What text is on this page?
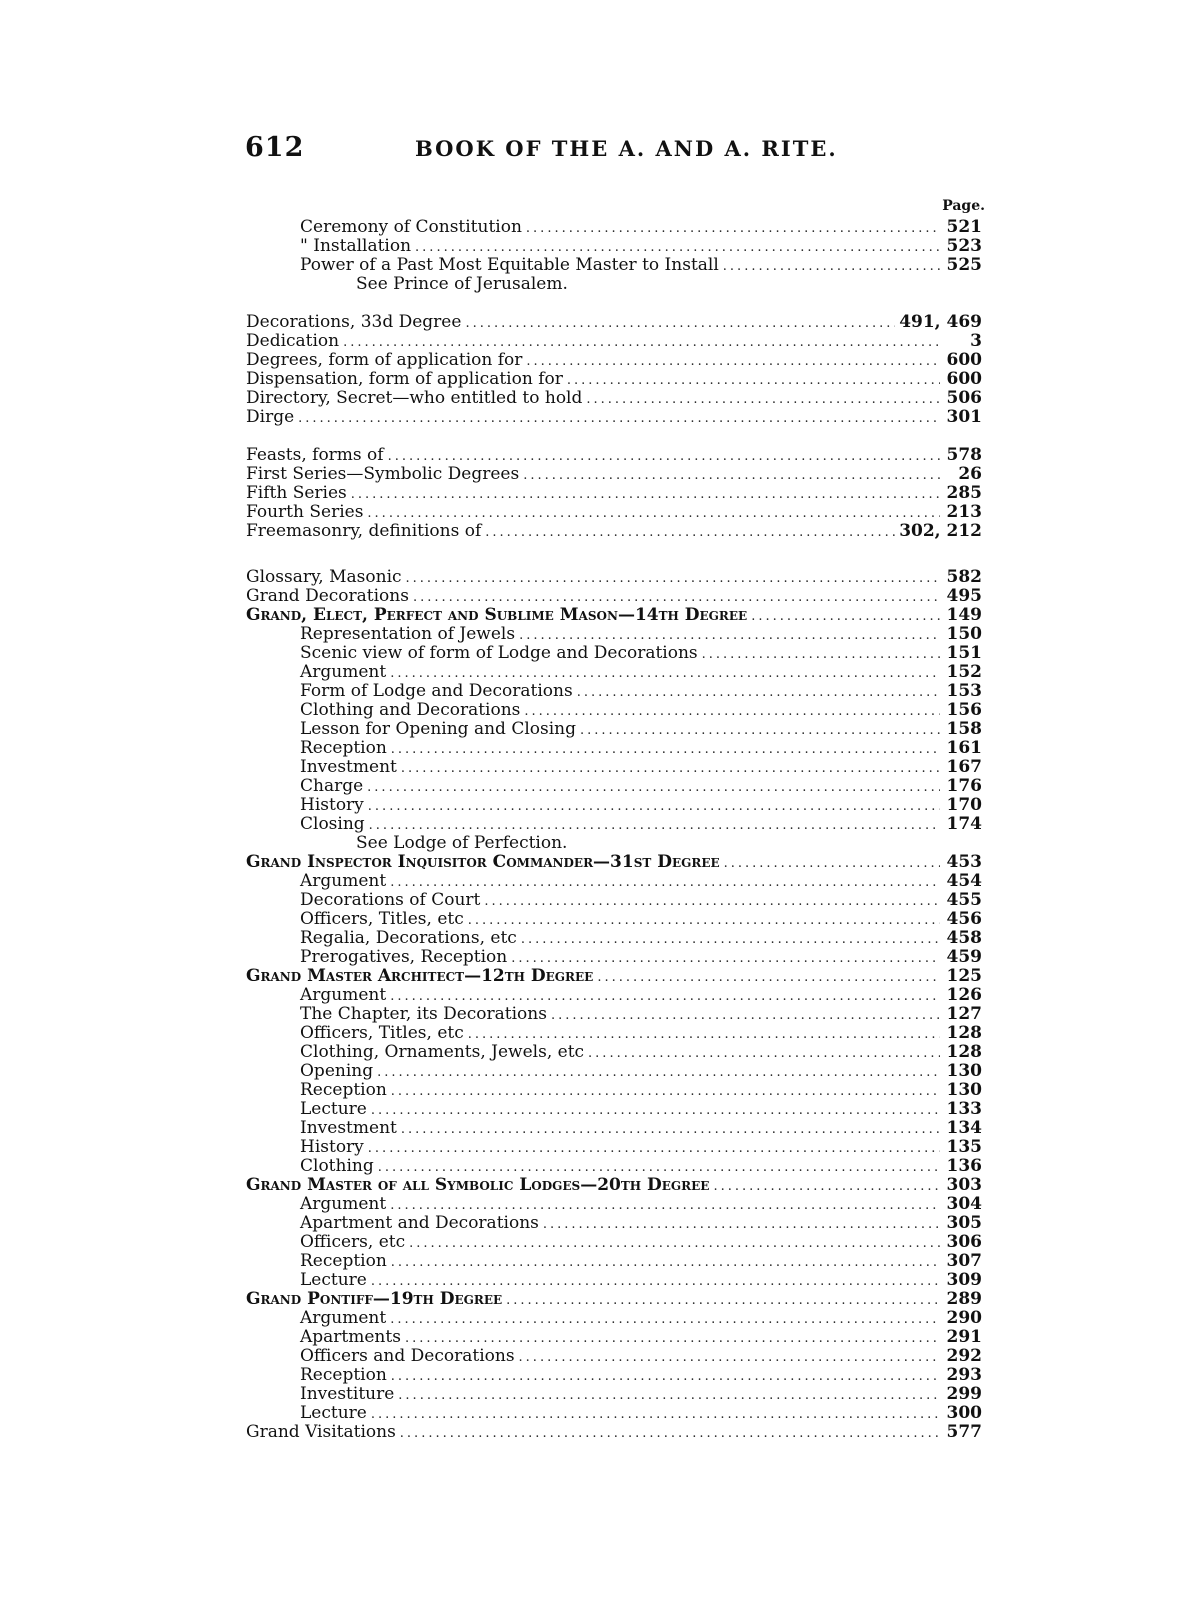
612	BOOK OF THE A. AND A. RITE.
Page.
Ceremony of Constitution .....	521
" Installation .....	523
Power of a Past Most Equitable Master to Install .....	525
See Prince of Jerusalem.
Decorations, 33d Degree .....	491, 469
Dedication .....	3
Degrees, form of application for .....	600
Dispensation, form of application for .....	600
Directory, Secret—who entitled to hold .....	506
Dirge .....	301
Feasts, forms of .....	578
First Series—Symbolic Degrees .....	26
Fifth Series .....	285
Fourth Series .....	213
Freemasonry, definitions of .....	302, 212
Glossary, Masonic .....	582
Grand Decorations .....	495
Grand, Elect, Perfect and Sublime Mason—14th Degree .....	149
Representation of Jewels .....	150
Scenic view of form of Lodge and Decorations .....	151
Argument .....	152
Form of Lodge and Decorations .....	153
Clothing and Decorations .....	156
Lesson for Opening and Closing .....	158
Reception .....	161
Investment .....	167
Charge .....	176
History .....	170
Closing .....	174
See Lodge of Perfection.
Grand Inspector Inquisitor Commander—31st Degree .....	453
Argument .....	454
Decorations of Court .....	455
Officers, Titles, etc .....	456
Regalia, Decorations, etc .....	458
Prerogatives, Reception .....	459
Grand Master Architect—12th Degree .....	125
Argument .....	126
The Chapter, its Decorations .....	127
Officers, Titles, etc .....	128
Clothing, Ornaments, Jewels, etc .....	128
Opening .....	130
Reception .....	130
Lecture .....	133
Investment .....	134
History .....	135
Clothing .....	136
Grand Master of all Symbolic Lodges—20th Degree .....	303
Argument .....	304
Apartment and Decorations .....	305
Officers, etc .....	306
Reception .....	307
Lecture .....	309
Grand Pontiff—19th Degree .....	289
Argument .....	290
Apartments .....	291
Officers and Decorations .....	292
Reception .....	293
Investiture .....	299
Lecture .....	300
Grand Visitations .....	577
